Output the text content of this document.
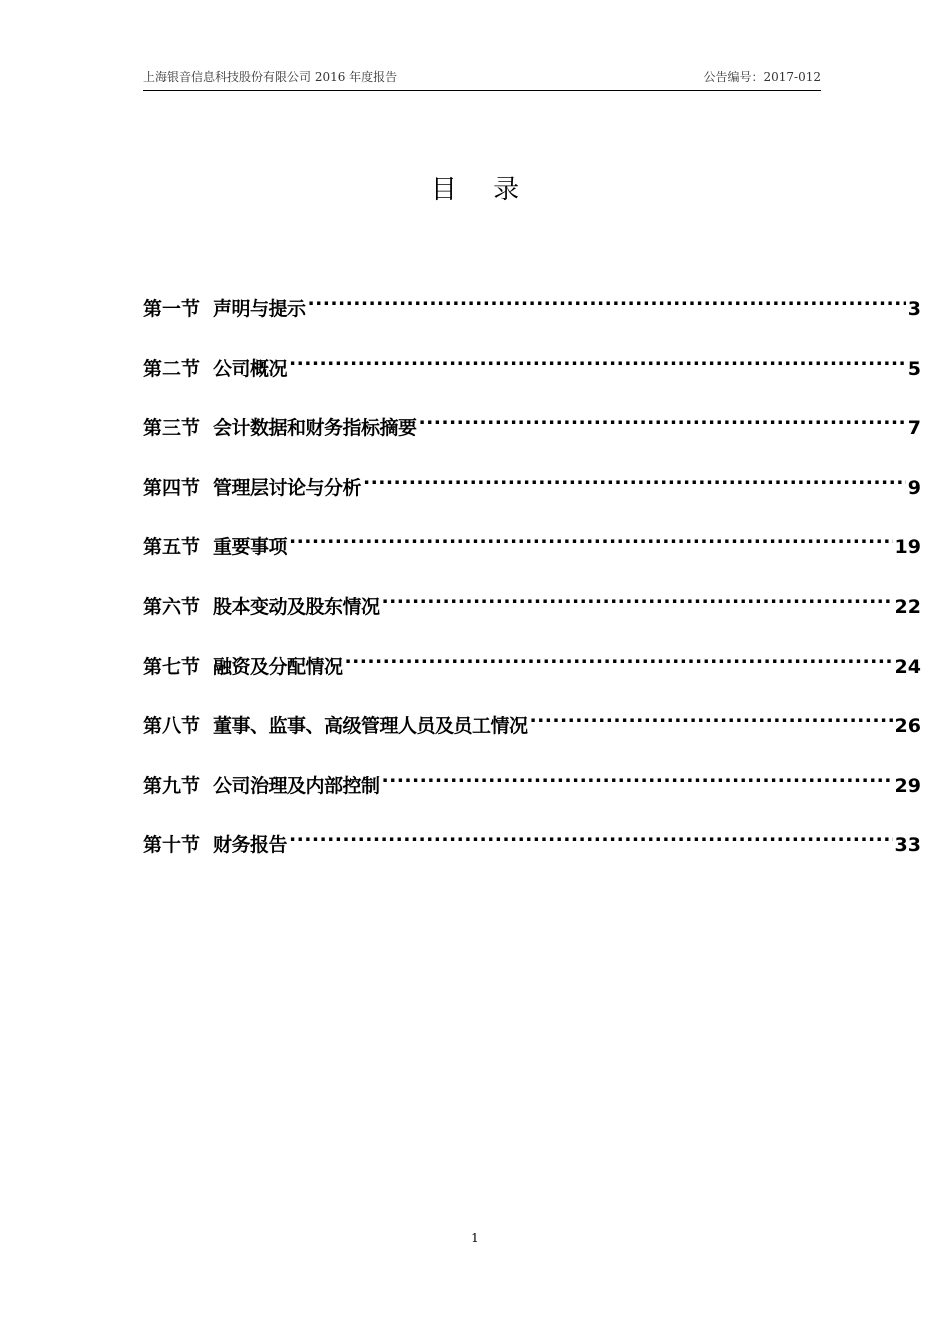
上海银音信息科技股份有限公司 2016 年度报告	公告编号：2017-012
目 录
第一节 声明与提示 .....	3
第二节 公司概况 .....	5
第三节 会计数据和财务指标摘要 .....	7
第四节 管理层讨论与分析 .....	9
第五节 重要事项 .....	19
第六节 股本变动及股东情况 .....	22
第七节 融资及分配情况 .....	24
第八节 董事、监事、高级管理人员及员工情况 .....	26
第九节 公司治理及内部控制 .....	29
第十节 财务报告 .....	33
1
